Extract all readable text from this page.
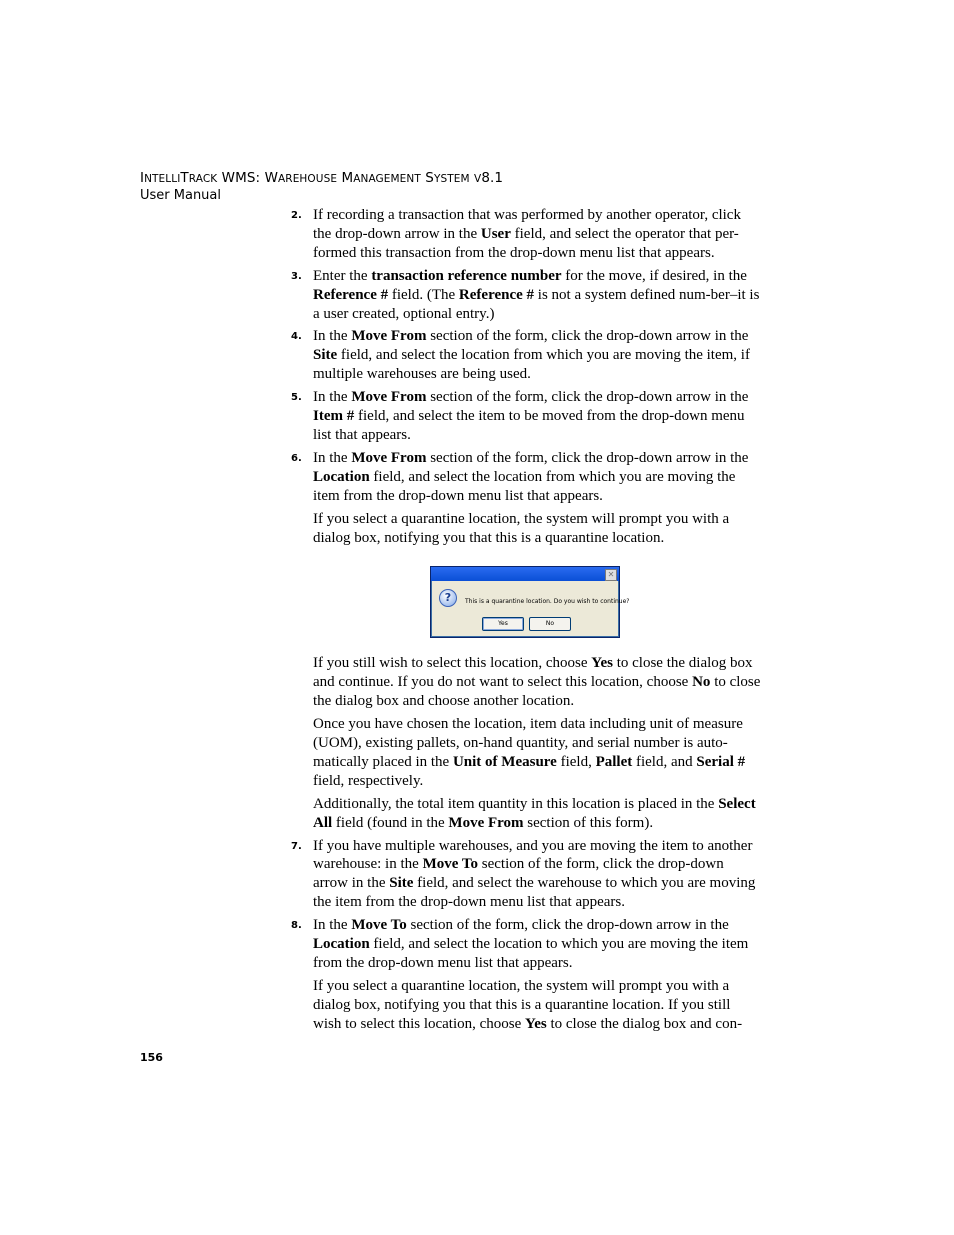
INTELLITRACK WMS: WAREHOUSE MANAGEMENT SYSTEM V8.1
User Manual
2. If recording a transaction that was performed by another operator, click the drop-down arrow in the User field, and select the operator that per-formed this transaction from the drop-down menu list that appears.
3. Enter the transaction reference number for the move, if desired, in the Reference # field. (The Reference # is not a system defined num-ber–it is a user created, optional entry.)
4. In the Move From section of the form, click the drop-down arrow in the Site field, and select the location from which you are moving the item, if multiple warehouses are being used.
5. In the Move From section of the form, click the drop-down arrow in the Item # field, and select the item to be moved from the drop-down menu list that appears.
6. In the Move From section of the form, click the drop-down arrow in the Location field, and select the location from which you are moving the item from the drop-down menu list that appears.

If you select a quarantine location, the system will prompt you with a dialog box, notifying you that this is a quarantine location.

✕
?	This is a quarantine location. Do you wish to continue?
Yes	No

If you still wish to select this location, choose Yes to close the dialog box and continue. If you do not want to select this location, choose No to close the dialog box and choose another location.

Once you have chosen the location, item data including unit of measure (UOM), existing pallets, on-hand quantity, and serial number is auto-matically placed in the Unit of Measure field, Pallet field, and Serial # field, respectively.

Additionally, the total item quantity in this location is placed in the Select All field (found in the Move From section of this form).

7. If you have multiple warehouses, and you are moving the item to another warehouse: in the Move To section of the form, click the drop-down arrow in the Site field, and select the warehouse to which you are moving the item from the drop-down menu list that appears.
8. In the Move To section of the form, click the drop-down arrow in the Location field, and select the location to which you are moving the item from the drop-down menu list that appears.

If you select a quarantine location, the system will prompt you with a dialog box, notifying you that this is a quarantine location. If you still wish to select this location, choose Yes to close the dialog box and con-

156
